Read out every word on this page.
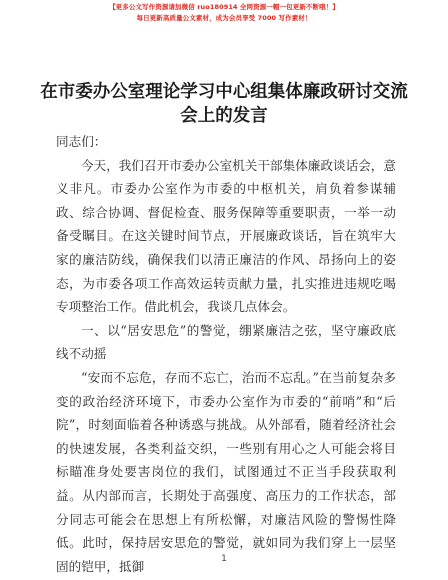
【更多公文写作资源请加微信 ruo180914 全网资源一帽一包更新不断哦！】
每日更新高质量公文素材，成为会员享受 7000 写作素材！
在市委办公室理论学习中心组集体廉政研讨交流会上的发言

同志们：

今天，我们召开市委办公室机关干部集体廉政谈话会，意义非凡。市委办公室作为市委的中枢机关，肩负着参谋辅政、综合协调、督促检查、服务保障等重要职责，一举一动备受瞩目。在这关键时间节点，开展廉政谈话，旨在筑牢大家的廉洁防线，确保我们以清正廉洁的作风、昂扬向上的姿态，为市委各项工作高效运转贡献力量，扎实推进违规吃喝专项整治工作。借此机会，我谈几点体会。

一、以“居安思危”的警觉，绷紧廉洁之弦，坚守廉政底线不动摇

“安而不忘危，存而不忘亡，治而不忘乱。”在当前复杂多变的政治经济环境下，市委办公室作为市委的“前哨”和“后院”，时刻面临着各种诱惑与挑战。从外部看，随着经济社会的快速发展，各类利益交织，一些别有用心之人可能会将目标瞄准身处要害岗位的我们，试图通过不正当手段获取利益。从内部而言，长期处于高强度、高压力的工作状态，部分同志可能会在思想上有所松懈，对廉洁风险的警惕性降低。此时，保持居安思危的警觉，就如同为我们穿上一层坚固的铠甲，抵御	1
